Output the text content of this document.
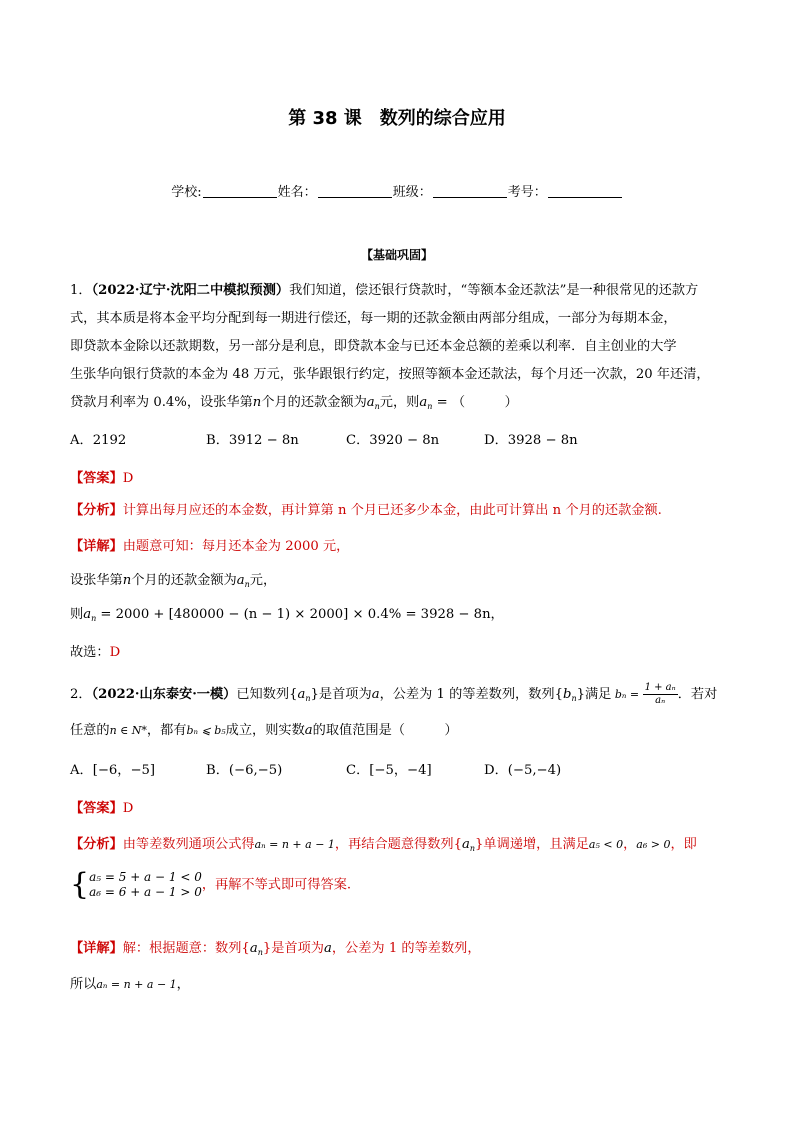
第 38 课　数列的综合应用
学校:	姓名：	班级：	考号：
【基础巩固】
1．（2022·辽宁·沈阳二中模拟预测）我们知道，偿还银行贷款时，“等额本金还款法”是一种很常见的还款方
式，其本质是将本金平均分配到每一期进行偿还，每一期的还款金额由两部分组成，一部分为每期本金，
即贷款本金除以还款期数，另一部分是利息，即贷款本金与已还本金总额的差乘以利率．自主创业的大学
生张华向银行贷款的本金为 48 万元，张华跟银行约定，按照等额本金还款法，每个月还一次款，20 年还清，
贷款月利率为 0.4%，设张华第n个月的还款金额为$a_n$元，则$a_n$ = （　　　）
A．2192	B．3912 − 8n	C．3920 − 8n	D．3928 − 8n
【答案】D
【分析】计算出每月应还的本金数，再计算第 n 个月已还多少本金，由此可计算出 n 个月的还款金额.
【详解】由题意可知：每月还本金为 2000 元，
设张华第n个月的还款金额为$a_n$元，
则$a_n = 2000 + [480000 - (n - 1) \times 2000] \times 0.4\% = 3928 - 8n$，
故选：D
2．（2022·山东泰安·一模）已知数列$\{a_n\}$是首项为a，公差为 1 的等差数列，数列$\{b_n\}$满足 $b_n = \frac{\text{1 + aₙ}}{\text{aₙ}}$ ．若对
任意的n ∈ N*，都有bₙ ⩽ b₅成立，则实数a的取值范围是（　　　）
A．[−6，−5]	B．(−6,−5)	C．[−5，−4]	D．(−5,−4)
【答案】D
【分析】由等差数列通项公式得aₙ = n + a − 1，再结合题意得数列$\{a_n\}$单调递增，且满足a₅ < 0，a₆ > 0，即
{ a₅ = 5 + a − 1 < 0
a₆ = 6 + a − 1 > 0 ，再解不等式即可得答案.
【详解】解：根据题意：数列$\{a_n\}$是首项为a，公差为 1 的等差数列，
所以aₙ = n + a − 1，
